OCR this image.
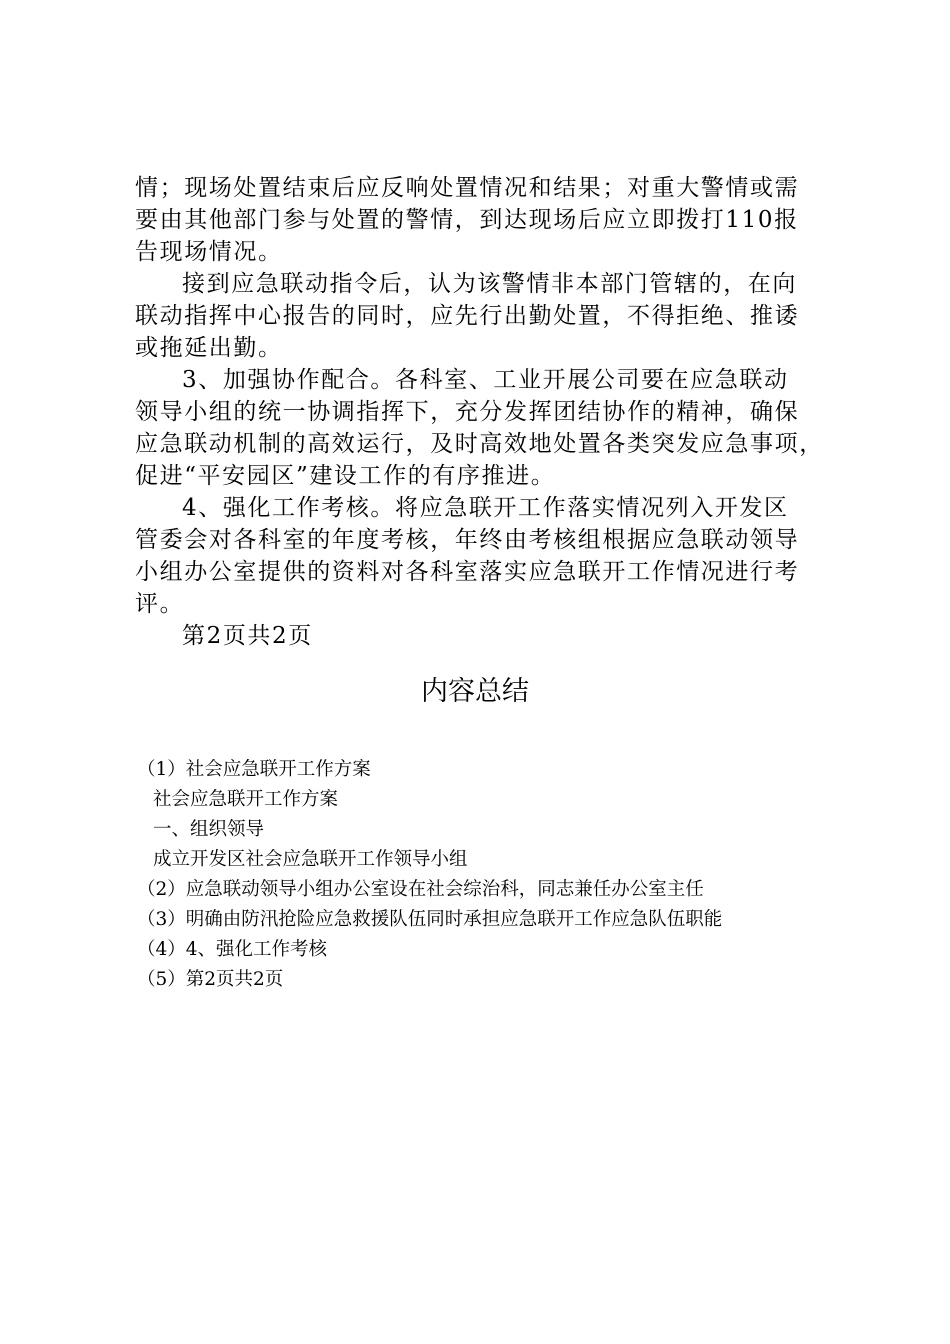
情；现场处置结束后应反响处置情况和结果；对重大警情或需
要由其他部门参与处置的警情，到达现场后应立即拨打110报
告现场情况。
接到应急联动指令后，认为该警情非本部门管辖的，在向
联动指挥中心报告的同时，应先行出勤处置，不得拒绝、推诿
或拖延出勤。
3、加强协作配合。各科室、工业开展公司要在应急联动
领导小组的统一协调指挥下，充分发挥团结协作的精神，确保
应急联动机制的高效运行，及时高效地处置各类突发应急事项，
促进“平安园区”建设工作的有序推进。
4、强化工作考核。将应急联开工作落实情况列入开发区
管委会对各科室的年度考核，年终由考核组根据应急联动领导
小组办公室提供的资料对各科室落实应急联开工作情况进行考
评。
第2页共2页
内容总结
（1）社会应急联开工作方案
社会应急联开工作方案
一、组织领导
成立开发区社会应急联开工作领导小组
（2）应急联动领导小组办公室设在社会综治科，同志兼任办公室主任
（3）明确由防汛抢险应急救援队伍同时承担应急联开工作应急队伍职能
（4）4、强化工作考核
（5）第2页共2页
